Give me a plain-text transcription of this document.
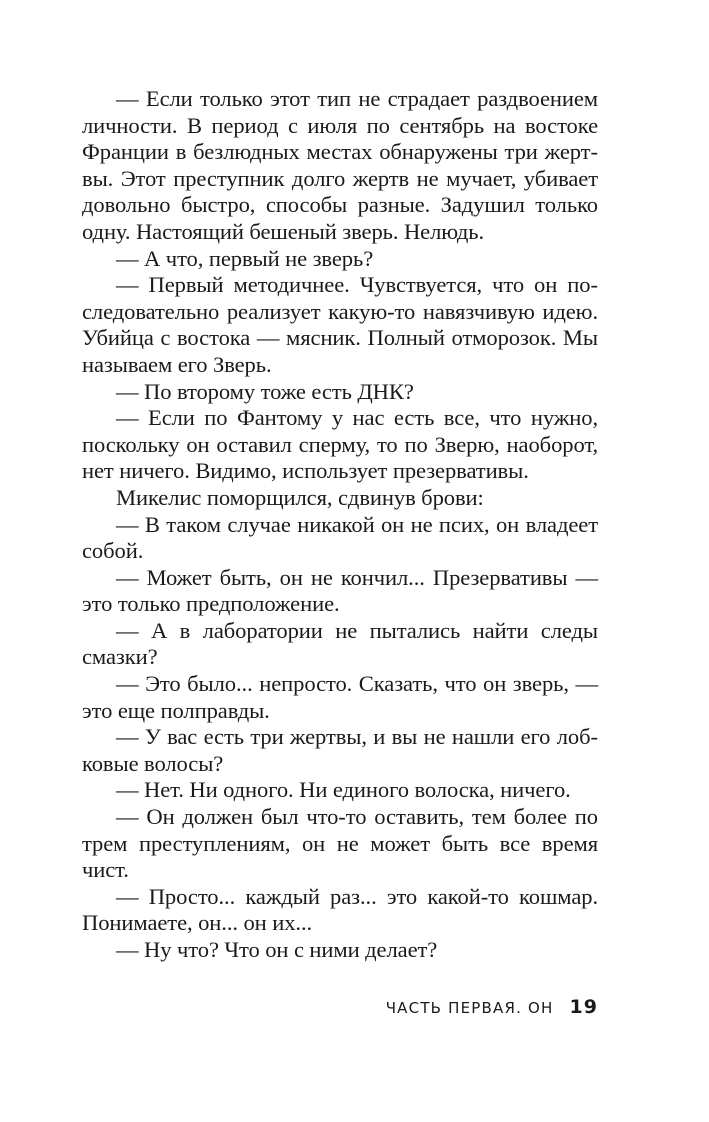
— Если только этот тип не страдает раздвоением личности. В период с июля по сентябрь на востоке Франции в безлюдных местах обнаружены три жертвы. Этот преступник долго жертв не мучает, убивает довольно быстро, способы разные. Задушил только одну. Настоящий бешеный зверь. Нелюдь.

— А что, первый не зверь?

— Первый методичнее. Чувствуется, что он последовательно реализует какую-то навязчивую идею. Убийца с востока — мясник. Полный отморозок. Мы называем его Зверь.

— По второму тоже есть ДНК?

— Если по Фантому у нас есть все, что нужно, поскольку он оставил сперму, то по Зверю, наоборот, нет ничего. Видимо, использует презервативы.

Микелис поморщился, сдвинув брови:

— В таком случае никакой он не псих, он владеет собой.

— Может быть, он не кончил... Презервативы — это только предположение.

— А в лаборатории не пытались найти следы смазки?

— Это было... непросто. Сказать, что он зверь, — это еще полправды.

— У вас есть три жертвы, и вы не нашли его лобковые волосы?

— Нет. Ни одного. Ни единого волоска, ничего.

— Он должен был что-то оставить, тем более по трем преступлениям, он не может быть все время чист.

— Просто... каждый раз... это какой-то кошмар. Понимаете, он... он их...

— Ну что? Что он с ними делает?

ЧАСТЬ ПЕРВАЯ. ОН 19
